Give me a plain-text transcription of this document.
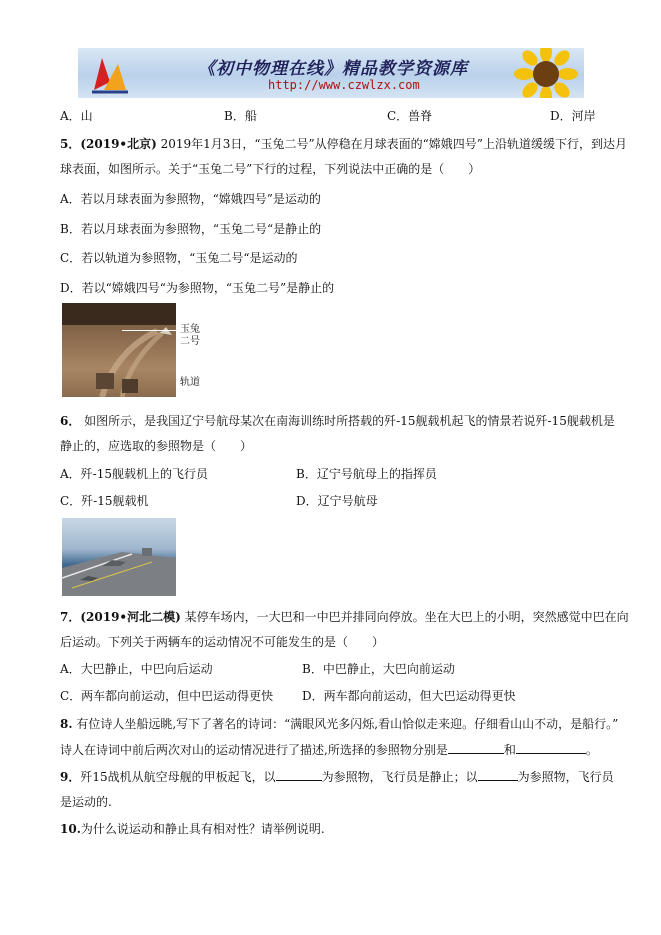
《初中物理在线》精品教学资源库
http://www.czwlzx.com
A．山	B．船	C．兽脊	D．河岸
5．(2019•北京) 2019年1月3日，“玉兔二号”从停稳在月球表面的“嫦娥四号”上沿轨道缓缓下行，到达月
球表面，如图所示。关于“玉兔二号”下行的过程，下列说法中正确的是（　　）
A．若以月球表面为参照物，“嫦娥四号”是运动的
B．若以月球表面为参照物，“玉兔二号“是静止的
C．若以轨道为参照物，“玉兔二号“是运动的
D．若以“嫦娥四号“为参照物，“玉兔二号”是静止的
玉兔
二号
轨道
6． 如图所示，是我国辽宁号航母某次在南海训练时所搭载的歼-15舰载机起飞的情景若说歼-15舰载机是
静止的，应选取的参照物是（　　）
A．歼-15舰载机上的飞行员	B．辽宁号航母上的指挥员
C．歼-15舰载机	D．辽宁号航母
7．(2019•河北二模) 某停车场内，一大巴和一中巴并排同向停放。坐在大巴上的小明，突然感觉中巴在向
后运动。下列关于两辆车的运动情况不可能发生的是（　　）
A．大巴静止，中巴向后运动	B．中巴静止，大巴向前运动
C．两车都向前运动，但中巴运动得更快 D．两车都向前运动，但大巴运动得更快
8. 有位诗人坐船远眺,写下了著名的诗词：“满眼风光多闪烁,看山恰似走来迎。仔细看山山不动，是船行。”
诗人在诗词中前后两次对山的运动情况进行了描述,所选择的参照物分别是	和	。
9．歼15战机从航空母舰的甲板起飞，以	为参照物，飞行员是静止；以	为参照物，飞行员
是运动的.
10.为什么说运动和静止具有相对性？请举例说明.
